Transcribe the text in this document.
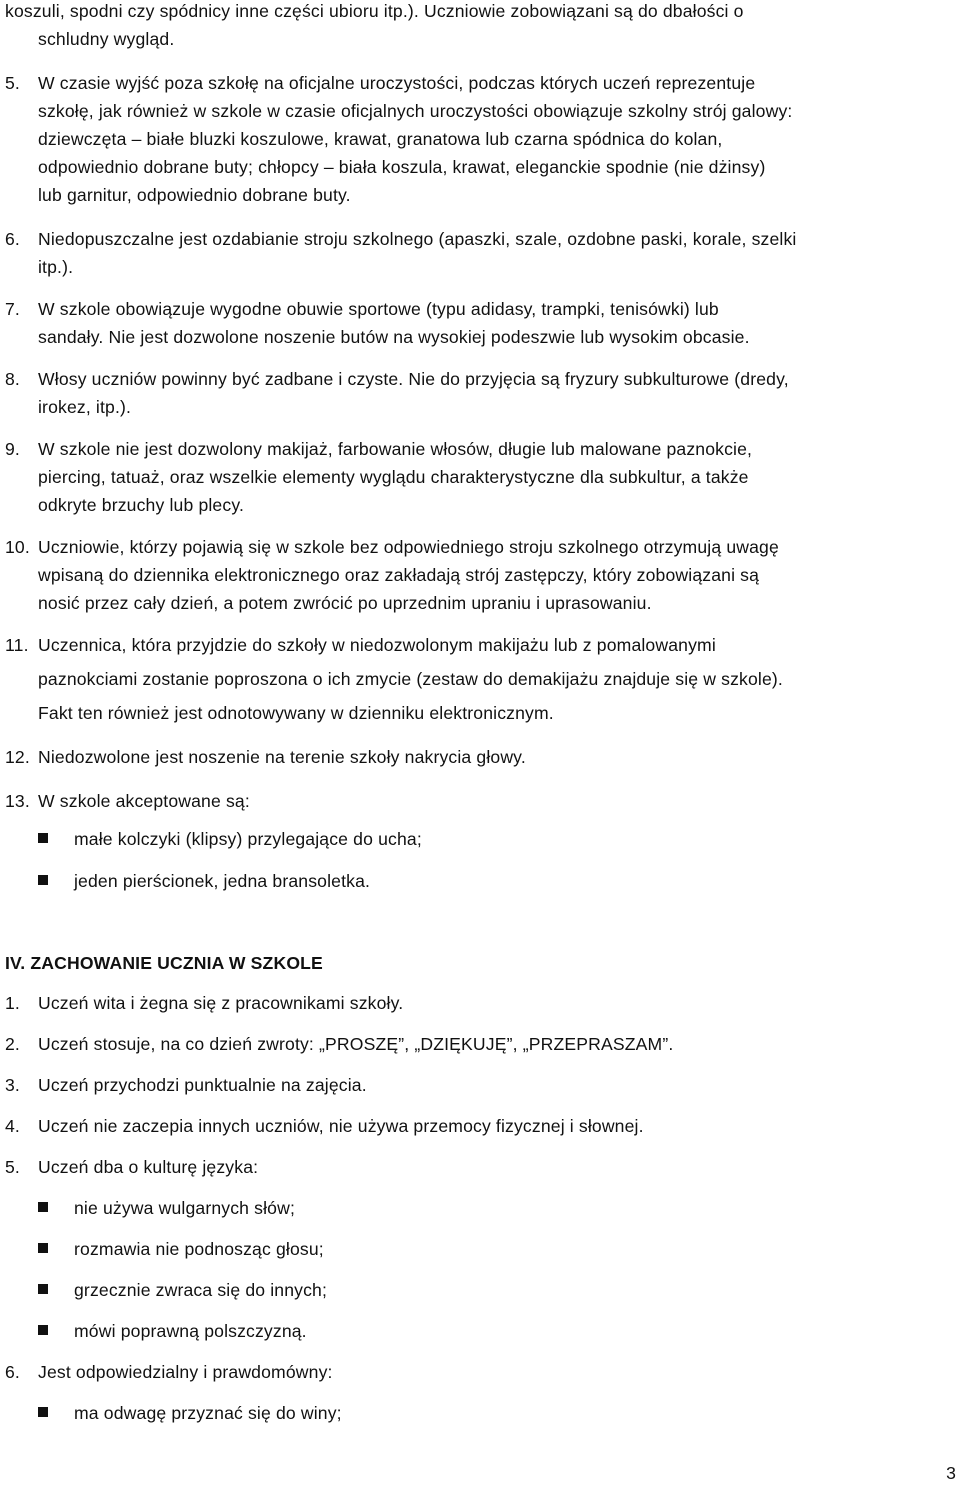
koszuli, spodni czy spódnicy inne części ubioru itp.). Uczniowie zobowiązani są do dbałości o
schludny wygląd.
5. W czasie wyjść poza szkołę na oficjalne uroczystości, podczas których uczeń reprezentuje
szkołę, jak również w szkole w czasie oficjalnych uroczystości obowiązuje szkolny strój galowy:
dziewczęta – białe bluzki koszulowe, krawat, granatowa lub czarna spódnica do kolan,
odpowiednio dobrane buty; chłopcy – biała koszula, krawat, eleganckie spodnie (nie dżinsy)
lub garnitur, odpowiednio dobrane buty.
6. Niedopuszczalne jest ozdabianie stroju szkolnego (apaszki, szale, ozdobne paski, korale, szelki
itp.).
7. W szkole obowiązuje wygodne obuwie sportowe (typu adidasy, trampki, tenisówki) lub
sandały. Nie jest dozwolone noszenie butów na wysokiej podeszwie lub wysokim obcasie.
8. Włosy uczniów powinny być zadbane i czyste. Nie do przyjęcia są fryzury subkulturowe (dredy,
irokez, itp.).
9. W szkole nie jest dozwolony makijaż, farbowanie włosów, długie lub malowane paznokcie,
piercing, tatuaż, oraz wszelkie elementy wyglądu charakterystyczne dla subkultur, a także
odkryte brzuchy lub plecy.
10. Uczniowie, którzy pojawią się w szkole bez odpowiedniego stroju szkolnego otrzymują uwagę
wpisaną do dziennika elektronicznego oraz zakładają strój zastępczy, który zobowiązani są
nosić przez cały dzień, a potem zwrócić po uprzednim upraniu i uprasowaniu.
11. Uczennica, która przyjdzie do szkoły w niedozwolonym makijażu lub z pomalowanymi
paznokciami zostanie poproszona o ich zmycie (zestaw do demakijażu znajduje się w szkole).
Fakt ten również jest odnotowywany w dzienniku elektronicznym.
12. Niedozwolone jest noszenie na terenie szkoły nakrycia głowy.
13. W szkole akceptowane są:
małe kolczyki (klipsy) przylegające do ucha;
jeden pierścionek, jedna bransoletka.
IV. ZACHOWANIE UCZNIA W SZKOLE
1. Uczeń wita i żegna się z pracownikami szkoły.
2. Uczeń stosuje, na co dzień zwroty: „PROSZĘ”, „DZIĘKUJĘ”, „PRZEPRASZAM”.
3. Uczeń przychodzi punktualnie na zajęcia.
4. Uczeń nie zaczepia innych uczniów, nie używa przemocy fizycznej i słownej.
5. Uczeń dba o kulturę języka:
nie używa wulgarnych słów;
rozmawia nie podnosząc głosu;
grzecznie zwraca się do innych;
mówi poprawną polszczyzną.
6. Jest odpowiedzialny i prawdomówny:
ma odwagę przyznać się do winy;
3
